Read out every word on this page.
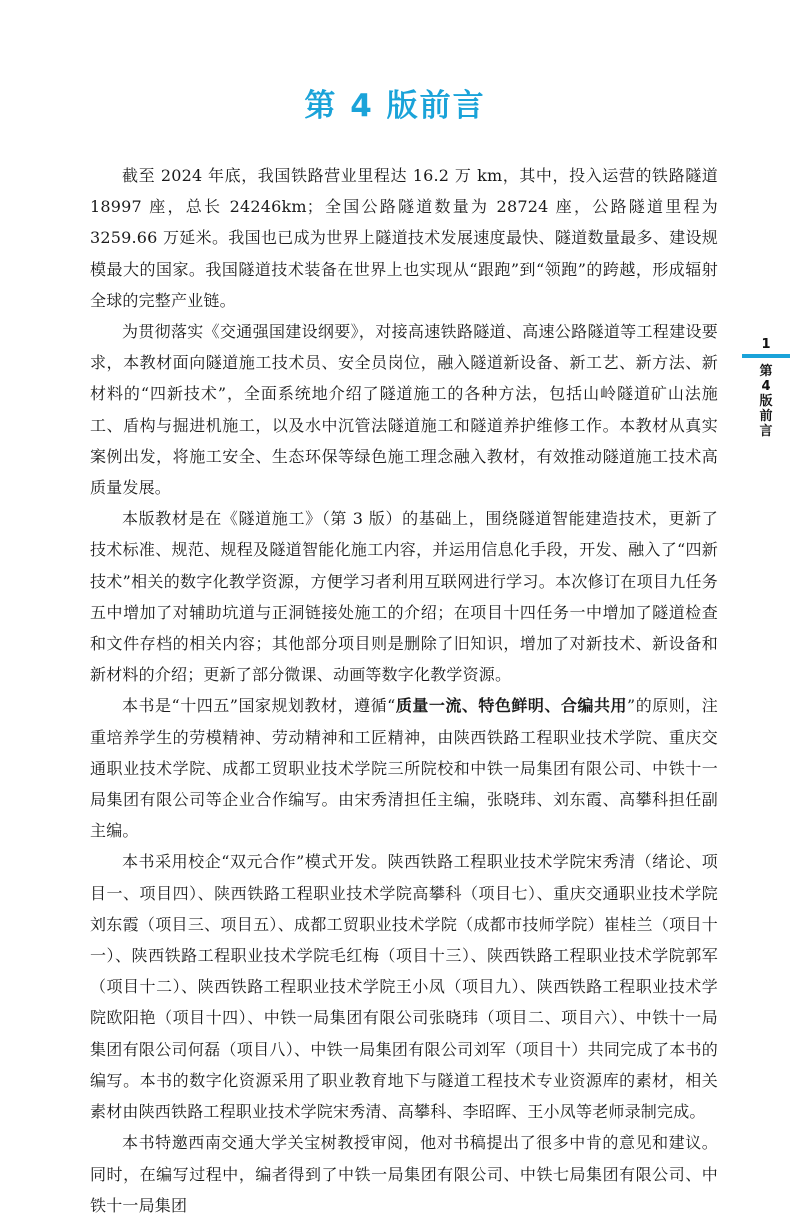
第 4 版前言

截至 2024 年底，我国铁路营业里程达 16.2 万 km，其中，投入运营的铁路隧道 18997 座，总长 24246km；全国公路隧道数量为 28724 座，公路隧道里程为 3259.66 万延米。我国也已成为世界上隧道技术发展速度最快、隧道数量最多、建设规模最大的国家。我国隧道技术装备在世界上也实现从“跟跑”到“领跑”的跨越，形成辐射全球的完整产业链。

为贯彻落实《交通强国建设纲要》，对接高速铁路隧道、高速公路隧道等工程建设要求，本教材面向隧道施工技术员、安全员岗位，融入隧道新设备、新工艺、新方法、新材料的“四新技术”，全面系统地介绍了隧道施工的各种方法，包括山岭隧道矿山法施工、盾构与掘进机施工，以及水中沉管法隧道施工和隧道养护维修工作。本教材从真实案例出发，将施工安全、生态环保等绿色施工理念融入教材，有效推动隧道施工技术高质量发展。

本版教材是在《隧道施工》（第 3 版）的基础上，围绕隧道智能建造技术，更新了技术标准、规范、规程及隧道智能化施工内容，并运用信息化手段，开发、融入了“四新技术”相关的数字化教学资源，方便学习者利用互联网进行学习。本次修订在项目九任务五中增加了对辅助坑道与正洞链接处施工的介绍；在项目十四任务一中增加了隧道检查和文件存档的相关内容；其他部分项目则是删除了旧知识，增加了对新技术、新设备和新材料的介绍；更新了部分微课、动画等数字化教学资源。

本书是“十四五”国家规划教材，遵循“质量一流、特色鲜明、合编共用”的原则，注重培养学生的劳模精神、劳动精神和工匠精神，由陕西铁路工程职业技术学院、重庆交通职业技术学院、成都工贸职业技术学院三所院校和中铁一局集团有限公司、中铁十一局集团有限公司等企业合作编写。由宋秀清担任主编，张晓玮、刘东霞、高攀科担任副主编。

本书采用校企“双元合作”模式开发。陕西铁路工程职业技术学院宋秀清（绪论、项目一、项目四）、陕西铁路工程职业技术学院高攀科（项目七）、重庆交通职业技术学院刘东霞（项目三、项目五）、成都工贸职业技术学院（成都市技师学院）崔桂兰（项目十一）、陕西铁路工程职业技术学院毛红梅（项目十三）、陕西铁路工程职业技术学院郭军（项目十二）、陕西铁路工程职业技术学院王小凤（项目九）、陕西铁路工程职业技术学院欧阳艳（项目十四）、中铁一局集团有限公司张晓玮（项目二、项目六）、中铁十一局集团有限公司何磊（项目八）、中铁一局集团有限公司刘军（项目十）共同完成了本书的编写。本书的数字化资源采用了职业教育地下与隧道工程技术专业资源库的素材，相关素材由陕西铁路工程职业技术学院宋秀清、高攀科、李昭晖、王小凤等老师录制完成。

本书特邀西南交通大学关宝树教授审阅，他对书稿提出了很多中肯的意见和建议。同时，在编写过程中，编者得到了中铁一局集团有限公司、中铁七局集团有限公司、中铁十一局集团

1
第4版前言
